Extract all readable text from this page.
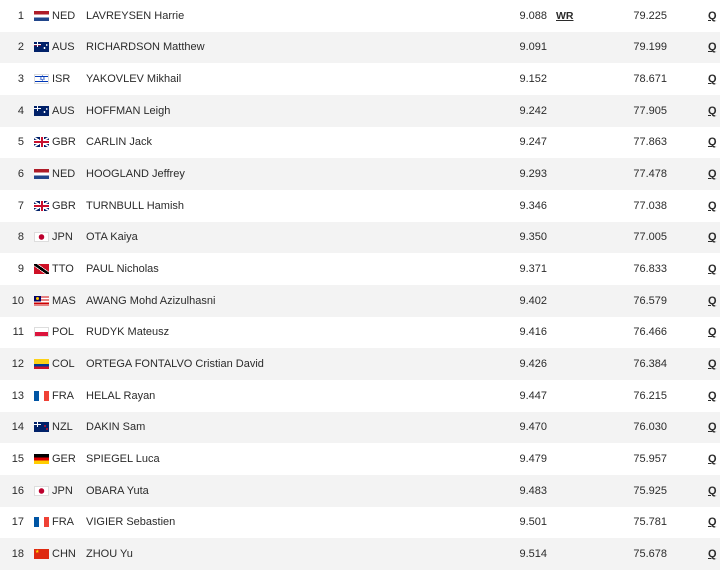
1	NED LAVREYSEN Harrie	9.088 WR	79.225	Q
2	AUS RICHARDSON Matthew	9.091	79.199	Q
3 ✡	ISR YAKOVLEV Mikhail	9.152	78.671	Q
4	AUS HOFFMAN Leigh	9.242	77.905	Q
5	GBR CARLIN Jack	9.247	77.863	Q
6	NED HOOGLAND Jeffrey	9.293	77.478	Q
7	GBR TURNBULL Hamish	9.346	77.038	Q
8	JPN OTA Kaiya	9.350	77.005	Q
9	TTO PAUL Nicholas	9.371	76.833	Q
10	MAS AWANG Mohd Azizulhasni	9.402	76.579	Q
11	POL RUDYK Mateusz	9.416	76.466	Q
12	COL ORTEGA FONTALVO Cristian David	9.426	76.384	Q
13	FRA HELAL Rayan	9.447	76.215	Q
14	NZL DAKIN Sam	9.470	76.030	Q
15	GER SPIEGEL Luca	9.479	75.957	Q
16	JPN OBARA Yuta	9.483	75.925	Q
17	FRA VIGIER Sebastien	9.501	75.781	Q
18 ★	CHN ZHOU Yu	9.514	75.678	Q
